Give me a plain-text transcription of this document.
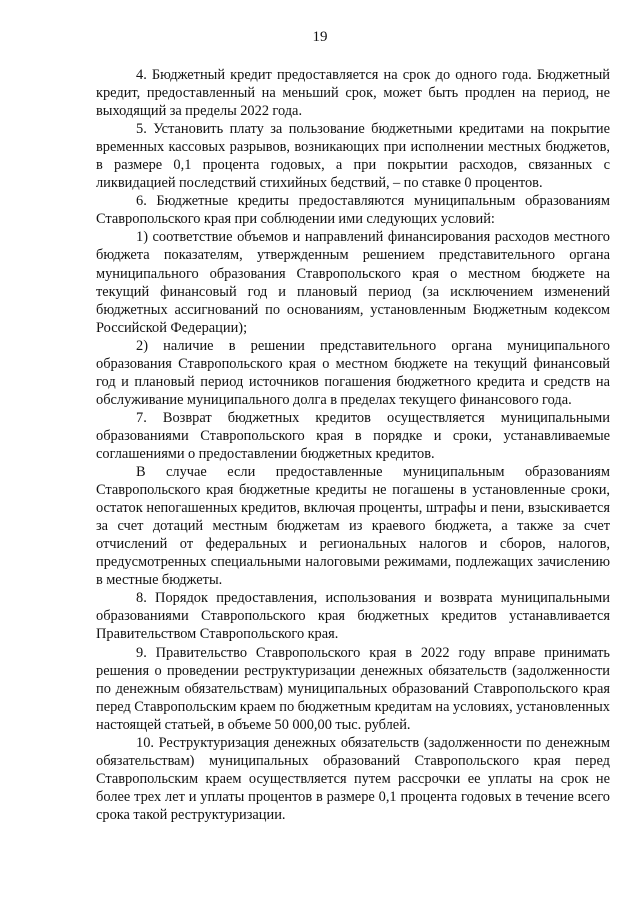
19

4. Бюджетный кредит предоставляется на срок до одного года. Бюджетный кредит, предоставленный на меньший срок, может быть продлен на период, не выходящий за пределы 2022 года.

5. Установить плату за пользование бюджетными кредитами на покрытие временных кассовых разрывов, возникающих при исполнении местных бюджетов, в размере 0,1 процента годовых, а при покрытии расходов, связанных с ликвидацией последствий стихийных бедствий, – по ставке 0 процентов.

6. Бюджетные кредиты предоставляются муниципальным образованиям Ставропольского края при соблюдении ими следующих условий:

1) соответствие объемов и направлений финансирования расходов местного бюджета показателям, утвержденным решением представительного органа муниципального образования Ставропольского края о местном бюджете на текущий финансовый год и плановый период (за исключением изменений бюджетных ассигнований по основаниям, установленным Бюджетным кодексом Российской Федерации);

2) наличие в решении представительного органа муниципального образования Ставропольского края о местном бюджете на текущий финансовый год и плановый период источников погашения бюджетного кредита и средств на обслуживание муниципального долга в пределах текущего финансового года.

7. Возврат бюджетных кредитов осуществляется муниципальными образованиями Ставропольского края в порядке и сроки, устанавливаемые соглашениями о предоставлении бюджетных кредитов.

В случае если предоставленные муниципальным образованиям Ставропольского края бюджетные кредиты не погашены в установленные сроки, остаток непогашенных кредитов, включая проценты, штрафы и пени, взыскивается за счет дотаций местным бюджетам из краевого бюджета, а также за счет отчислений от федеральных и региональных налогов и сборов, налогов, предусмотренных специальными налоговыми режимами, подлежащих зачислению в местные бюджеты.

8. Порядок предоставления, использования и возврата муниципальными образованиями Ставропольского края бюджетных кредитов устанавливается Правительством Ставропольского края.

9. Правительство Ставропольского края в 2022 году вправе принимать решения о проведении реструктуризации денежных обязательств (задолженности по денежным обязательствам) муниципальных образований Ставропольского края перед Ставропольским краем по бюджетным кредитам на условиях, установленных настоящей статьей, в объеме 50 000,00 тыс. рублей.

10. Реструктуризация денежных обязательств (задолженности по денежным обязательствам) муниципальных образований Ставропольского края перед Ставропольским краем осуществляется путем рассрочки ее уплаты на срок не более трех лет и уплаты процентов в размере 0,1 процента годовых в течение всего срока такой реструктуризации.
